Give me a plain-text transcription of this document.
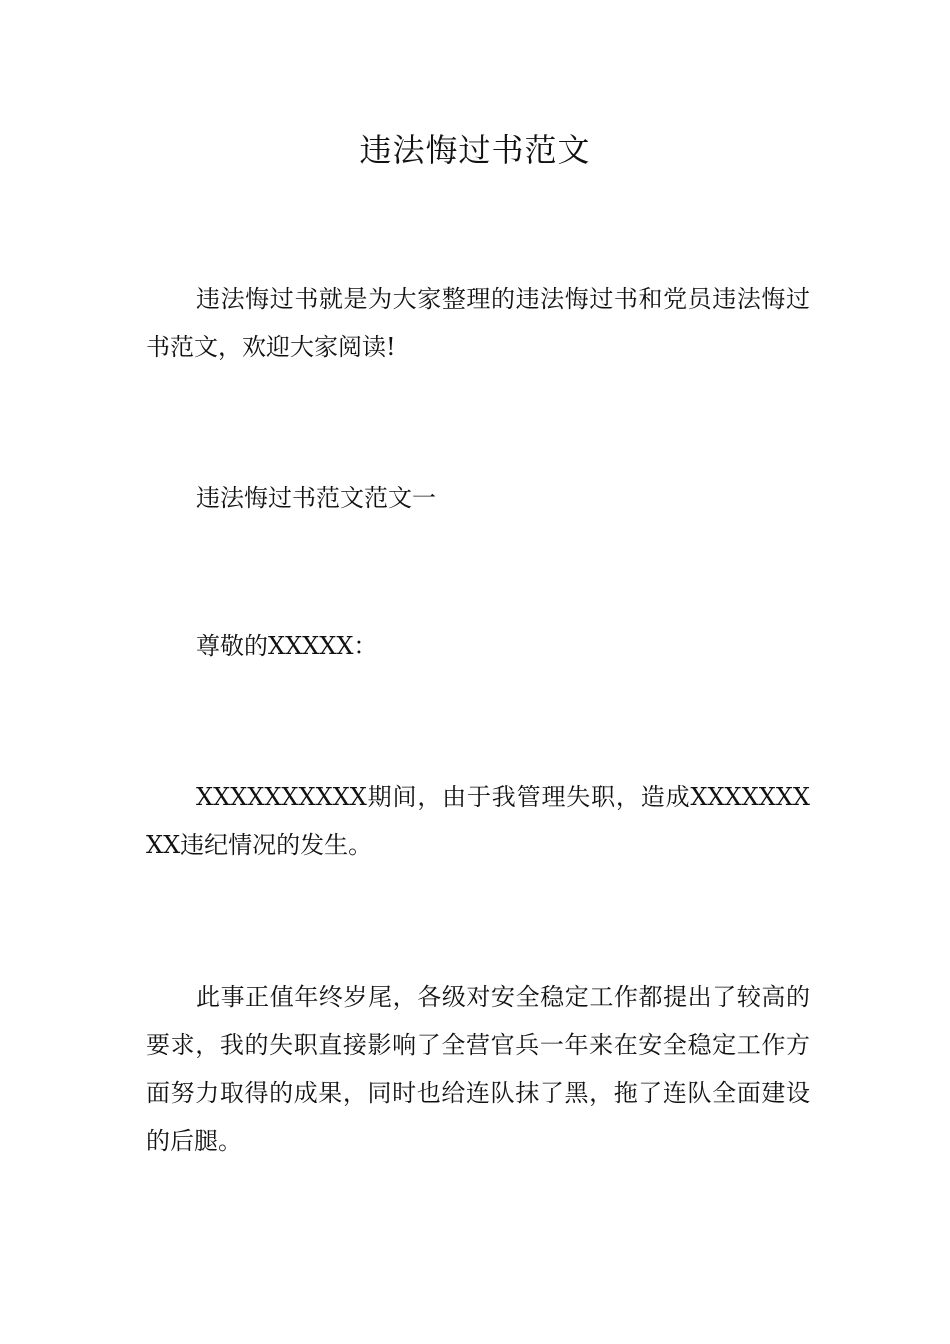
违法悔过书范文

违法悔过书就是为大家整理的违法悔过书和党员违法悔过书范文，欢迎大家阅读!

违法悔过书范文范文一

尊敬的XXXXX：

XXXXXXXXXX期间，由于我管理失职，造成XXXXXXXXX违纪情况的发生。

此事正值年终岁尾，各级对安全稳定工作都提出了较高的要求，我的失职直接影响了全营官兵一年来在安全稳定工作方面努力取得的成果，同时也给连队抹了黑，拖了连队全面建设的后腿。
